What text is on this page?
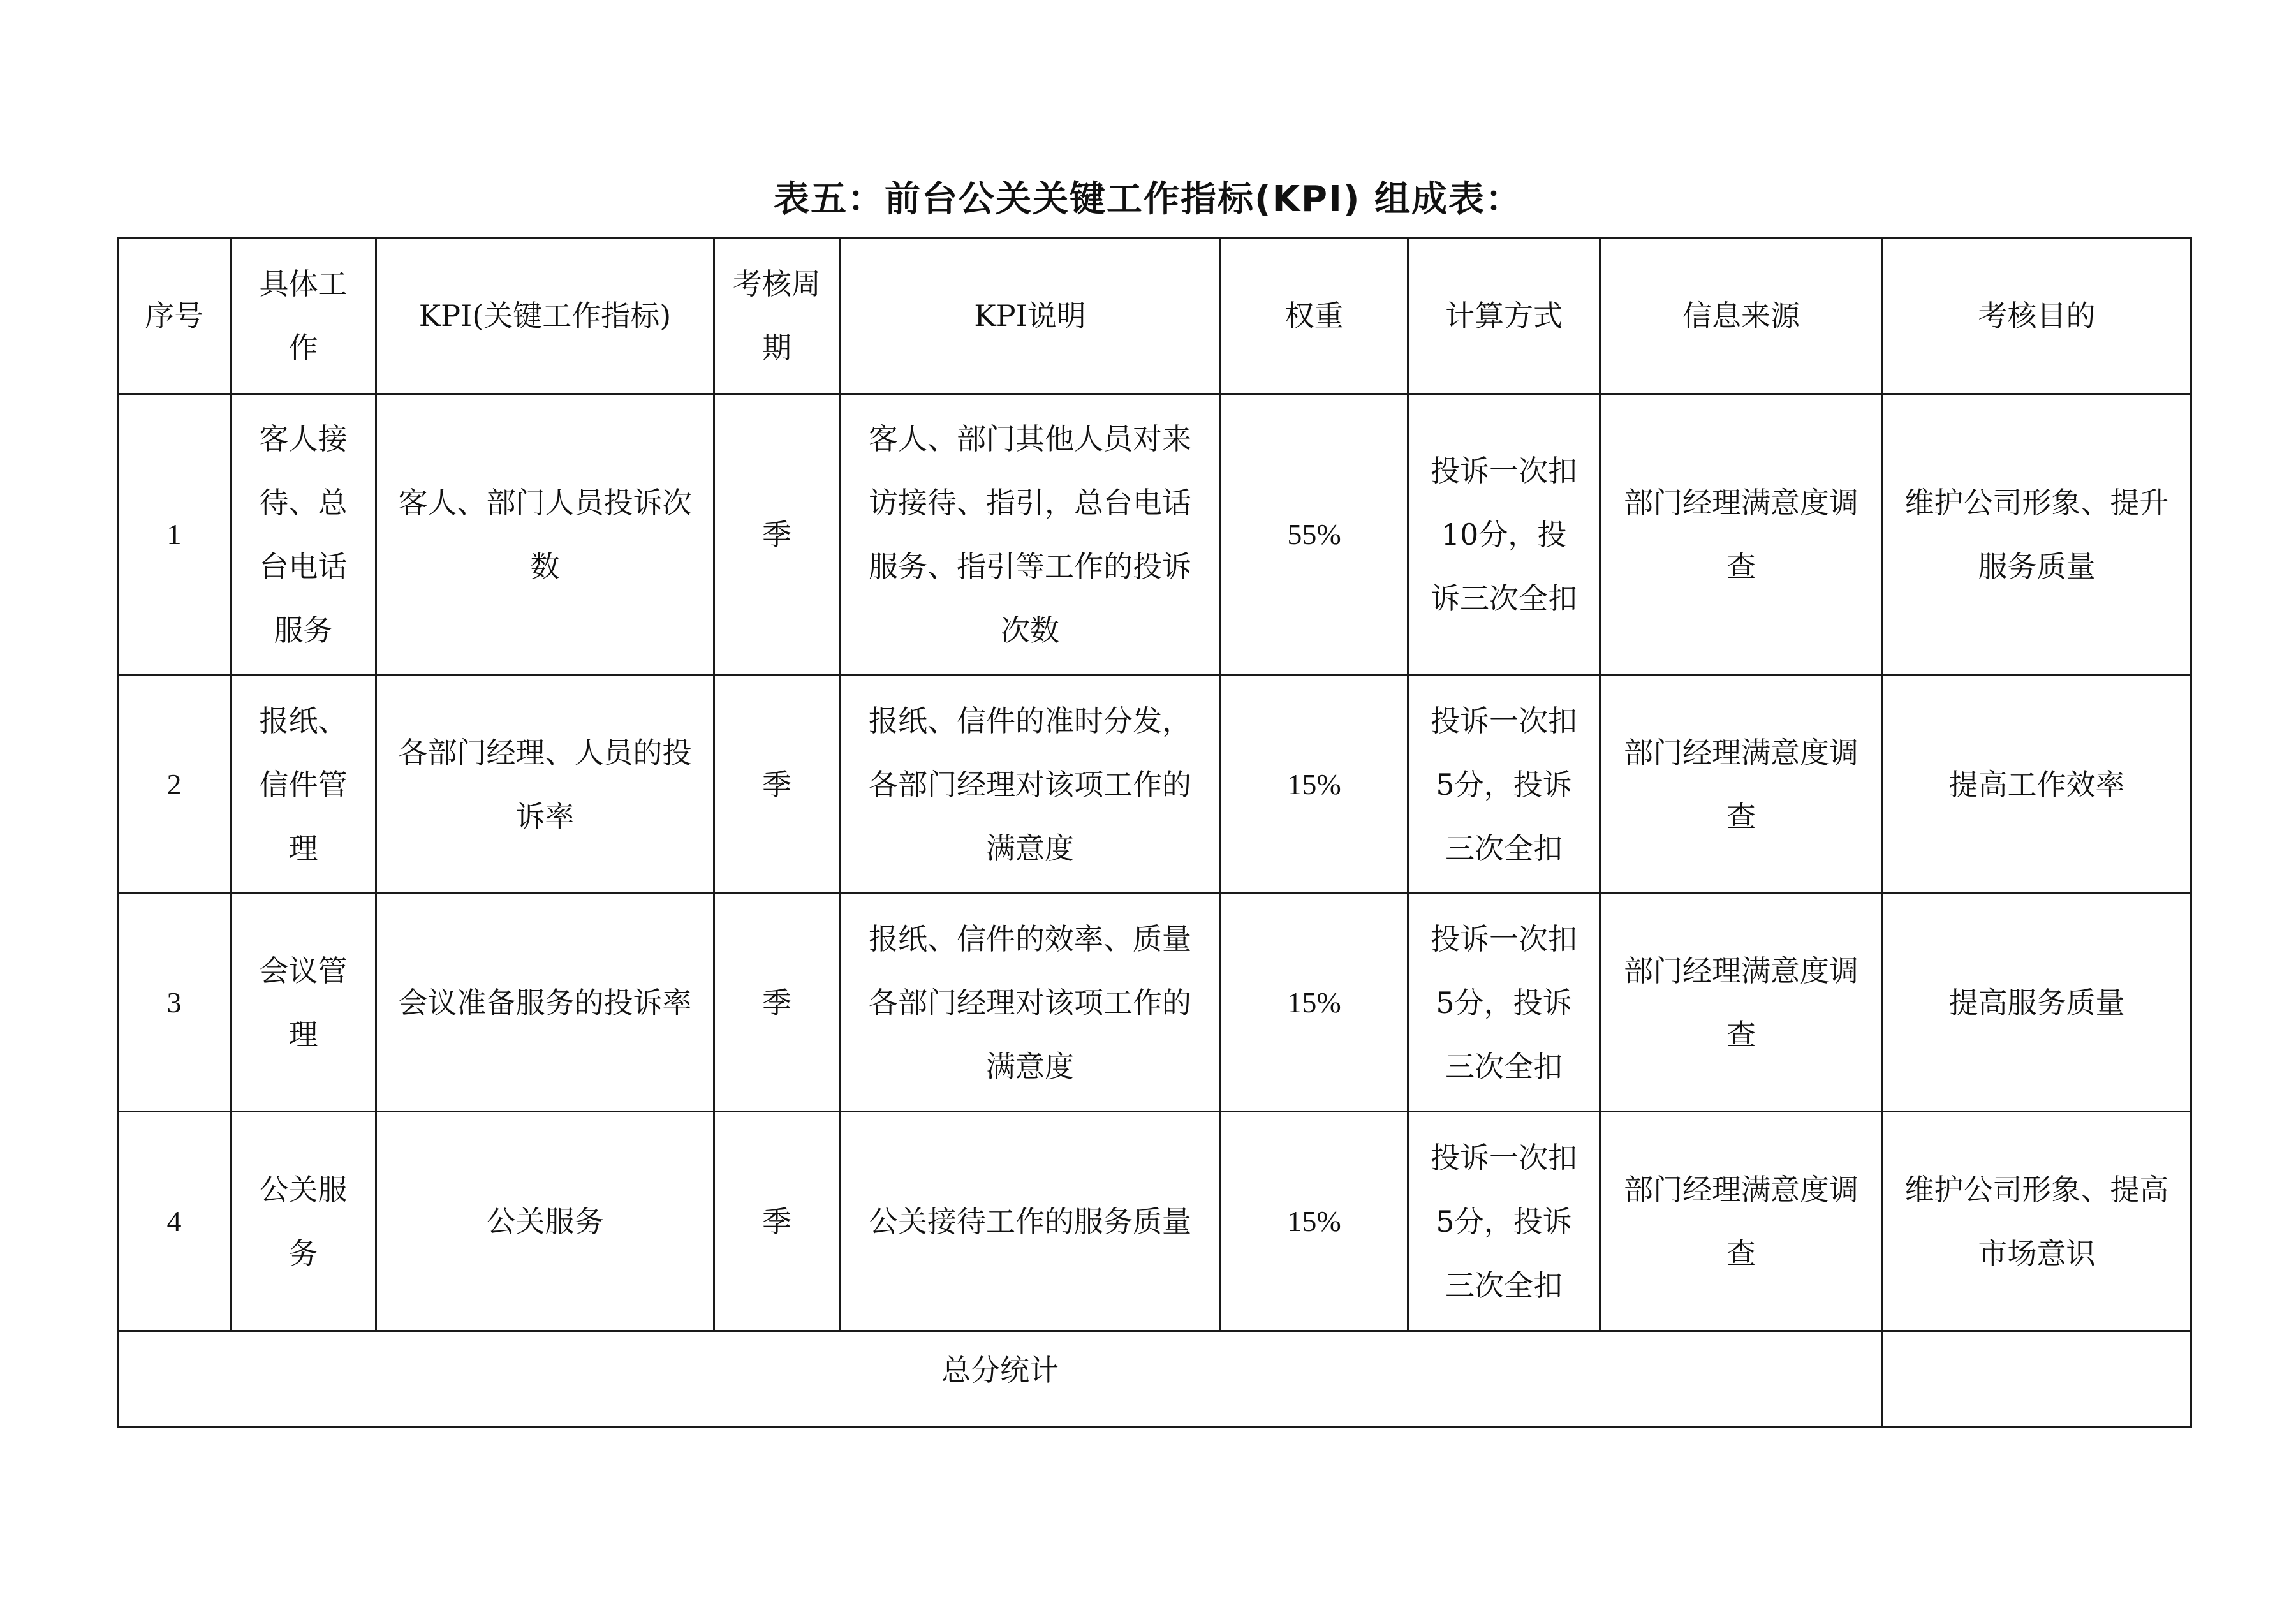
表五：前台公关关键工作指标(KPI) 组成表：
序号	具体工作	KPI(关键工作指标)	考核周期	KPI说明	权重	计算方式	信息来源	考核目的
1	客人接待、总台电话服务	客人、部门人员投诉次数	季	客人、部门其他人员对来访接待、指引，总台电话服务、指引等工作的投诉次数	55%	投诉一次扣10分，投诉三次全扣	部门经理满意度调查	维护公司形象、提升服务质量
2	报纸、信件管理	各部门经理、人员的投诉率	季	报纸、信件的准时分发，各部门经理对该项工作的满意度	15%	投诉一次扣5分，投诉三次全扣	部门经理满意度调查	提高工作效率
3	会议管理	会议准备服务的投诉率	季	报纸、信件的效率、质量各部门经理对该项工作的满意度	15%	投诉一次扣5分，投诉三次全扣	部门经理满意度调查	提高服务质量
4	公关服务	公关服务	季	公关接待工作的服务质量	15%	投诉一次扣5分，投诉三次全扣	部门经理满意度调查	维护公司形象、提高市场意识
总分统计								
